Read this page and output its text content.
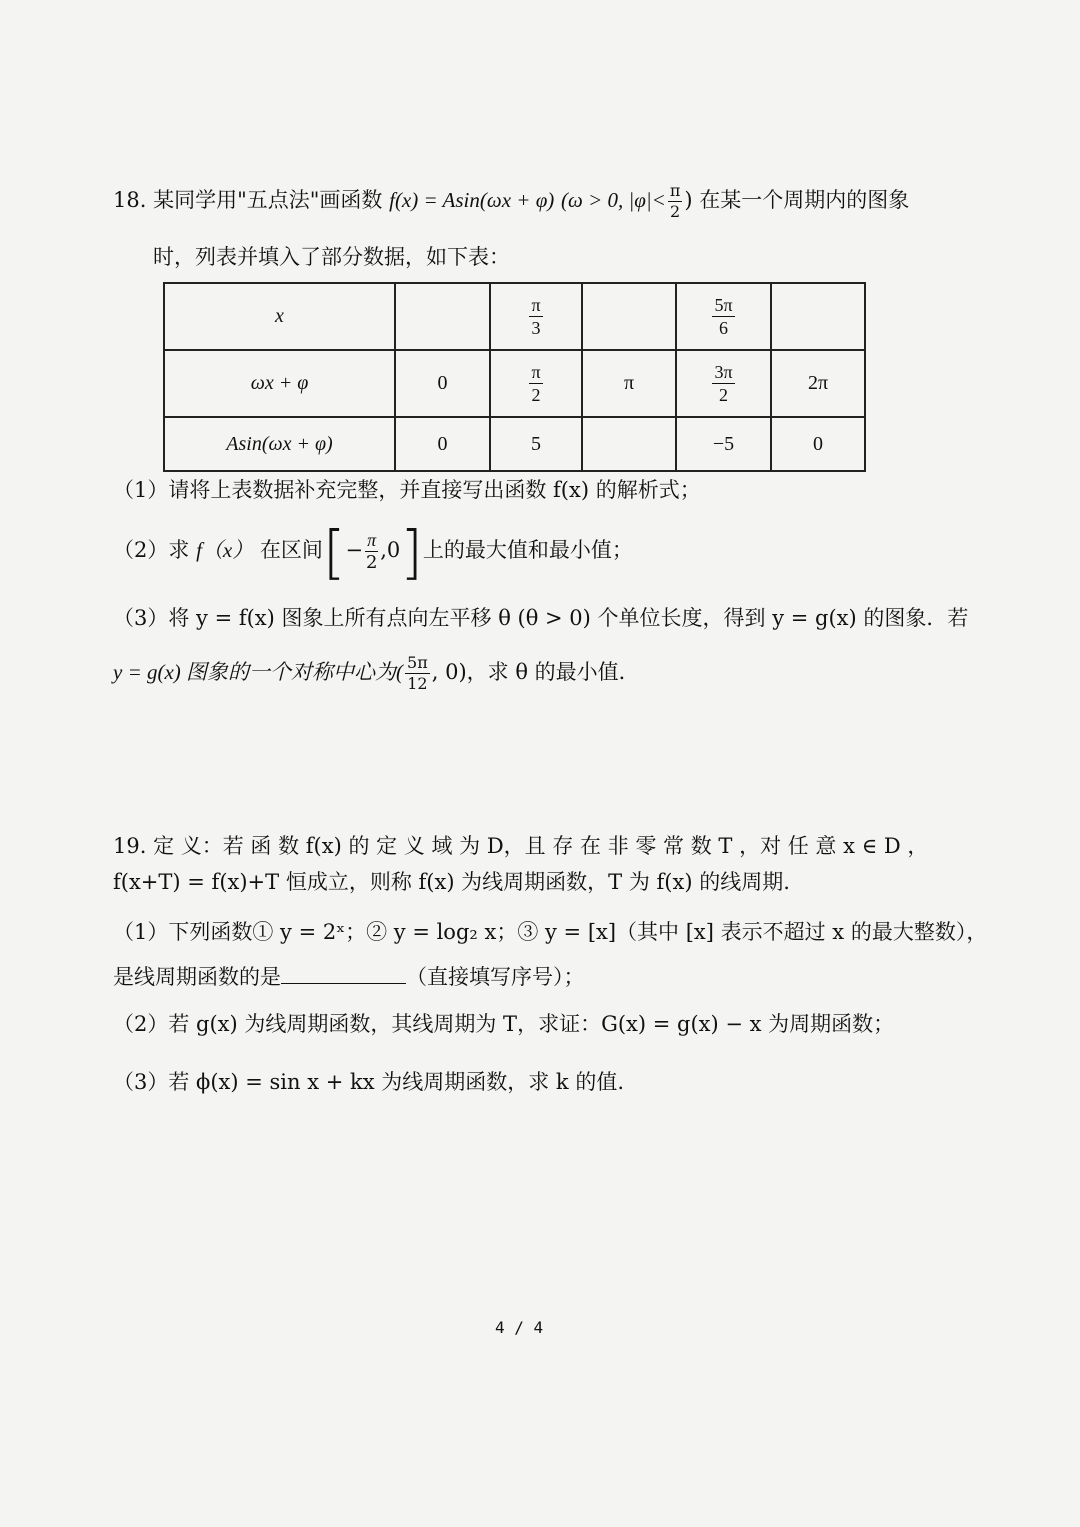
18. 某同学用"五点法"画函数 f(x) = Asin(ωx + φ) (ω > 0, $|\varphi|< \frac{\pi}{2}$ ) 在某一个周期内的图象
时，列表并填入了部分数据，如下表：
x		$\frac{\pi}{3}$		$\frac{5\pi}{6}$

ωx + φ	0	$\frac{\pi}{2}$	π	$\frac{3\pi}{2}$	2π
Asin(ωx + φ)	0	5		−5	0
（1）请将上表数据补充完整，并直接写出函数 f(x) 的解析式；
（2）求 f（x） 在区间[− $\frac{\pi}{2} ,0$]上的最大值和最小值；
（3）将 y = f(x) 图象上所有点向左平移 θ (θ > 0) 个单位长度，得到 y = g(x) 的图象．若
y = g(x) 图象的一个对称中心为( $\frac{5\pi}{12}$ , 0)，求 θ 的最小值．
19. 定 义：若 函 数 f(x) 的 定 义 域 为 D，且 存 在 非 零 常 数 T ，对 任 意 x ∈ D ，
f(x+T) = f(x)+T 恒成立，则称 f(x) 为线周期函数，T 为 f(x) 的线周期.
（1）下列函数① y = 2ˣ；② y = log₂ x；③ y = [x]（其中 [x] 表示不超过 x 的最大整数），
是线周期函数的是	（直接填写序号）；
（2）若 g(x) 为线周期函数，其线周期为 T，求证：G(x) = g(x) − x 为周期函数；
（3）若 ϕ(x) = sin x + kx 为线周期函数，求 k 的值.
4 / 4
